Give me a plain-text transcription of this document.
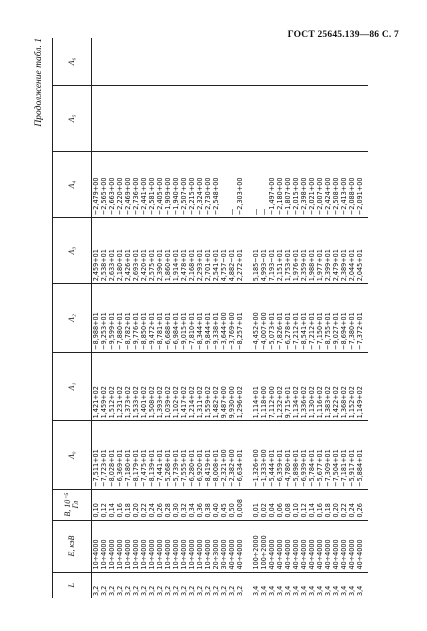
ГОСТ 25645.139—86 С. 7
Продолжение табл. 1
L	E, кэВ	B, 10⁻⁵ Гл	Λ₀	Λ₁	Λ₂	Λ₃	Λ₄	Λ₅	Λ₆
3,2	10÷4000	0,10	−7,511+01	1,421+02	−8,988+01	2,459+01	−2,479+00		
3,2	10÷4000	0,12	−7,723+01	1,459+02	−9,253+01	2,538+01	−2,565+00		
3,2	10÷4000	0,14	−8,028+01	1,512+02	−9,599+01	2,633+01	−2,663+00		
3,2	10÷4000	0,16	−6,369+01	1,231+02	−7,880+01	2,180+01	−2,220+00		
3,2	10÷4000	0,18	−7,180+01	1,373+02	−8,782+01	2,426+01	−2,469+00		
3,2	10÷4000	0,20	−8,179+01	1,533+02	−9,776+01	2,693+01	−2,736+00		
3,2	10÷4000	0,22	−7,475+01	1,401+02	−8,850+01	2,420+01	−2,441+00		
3,2	10÷4000	0,24	−8,139+01	1,508+02	−9,472+01	2,575+01	−2,581+00		
3,2	10÷4000	0,26	−7,441+01	1,393+02	−8,781+01	2,390+01	−2,405+00		
3,2	10÷4000	0,28	−5,268+01	1,039+02	−6,688+01	1,860+01	−1,909+00		
3,2	10÷4000	0,30	−5,739+01	1,102+02	−6,984+01	1,914+01	−1,940+00		
3,2	10÷4000	0,32	−7,555+01	1,417+02	−9,015+01	2,478+01	−2,507+00		
3,2	10÷4000	0,34	−6,280+01	1,214+02	−7,810+01	2,168+01	−2,215+00		
3,2	10÷4000	0,36	−6,920+01	1,311+02	−8,344+01	2,293+01	−2,324+00		
3,2	10÷4000	0,38	−8,419+01	1,559+02	−9,844+01	2,701+01	−2,730+00		
3,2	20÷3000	0,40	−8,008+01	1,482+02	−9,338+01	2,541+01	−2,548+00		
3,2	30÷4000	0,45	−2,321+00	9,487+00	−3,644+00	4,757−01			
3,2	40÷4000	0,50	−2,382+00	9,930+00	−3,769+00	4,882−01	—		
3,2	40÷4000	0,008	−6,634+01	1,296+02	−8,257+01	2,272+01	−2,303+00		
3,4	100÷2000	0,01	−1,326+00	1,114+01	−4,452+00	5,185−01	—		
3,4	100÷2000	0,02	−1,333+00	1,118+00	−4,007+00	4,993−01	—		
3,4	40÷4000	0,04	−5,444+01	7,112+00	−5,073+01	7,193−01	−1,497+00		
3,4	40÷4000	0,06	−6,359+01	1,232+02	−7,826+01	2,151+01	−2,180+00		
3,4	40÷4000	0,08	−4,780+01	9,715+01	−6,278+01	1,753+01	−1,807+00		
3,4	40÷4000	0,10	−5,898+01	1,134+02	−7,212+01	1,976+01	−2,015+00		
3,4	40÷4000	0,12	−6,939+01	1,336+02	−8,541+01	2,359+01	−2,398+00		
3,4	40÷4000	0,14	−5,784+01	1,130+02	−7,212+01	1,988+01	−2,021+00		
3,4	40÷4000	0,16	−5,677+01	1,116+02	−7,150+01	1,977+01	−2,007+00		
3,4	40÷4000	0,18	−7,309+01	1,383+02	−8,755+01	2,399+01	−2,424+00		
3,4	40÷4000	0,20	−7,504+01	1,422+02	−9,027+01	2,479+01	−2,508+00		
3,4	40÷4000	0,22	−7,181+01	1,368+02	−8,694+01	2,389+01	−2,413+00		
3,4	40÷4000	0,24	−5,917+01	1,152+02	−7,380+01	2,044+01	−2,088+00		
3,4	40÷4000	0,26	−5,884+01	1,149+02	−7,372+01	2,045+01	−2,091+00		
